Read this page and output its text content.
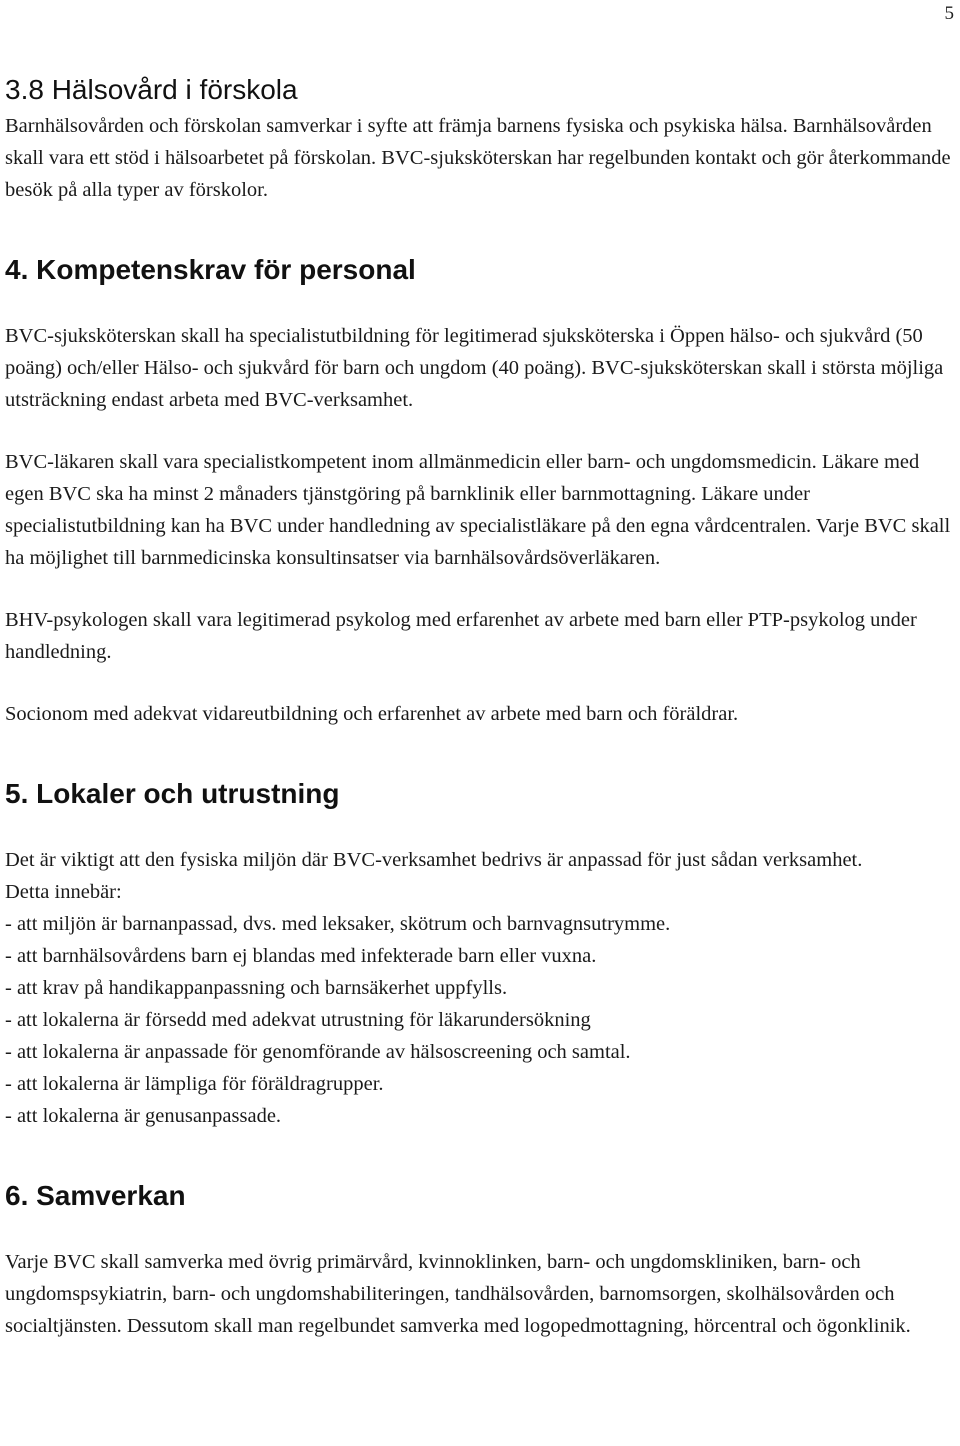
5
3.8 Hälsovård i förskola

Barnhälsovården och förskolan samverkar i syfte att främja barnens fysiska och psykiska hälsa. Barnhälsovården skall vara ett stöd i hälsoarbetet på förskolan. BVC-sjuksköterskan har regelbunden kontakt och gör återkommande besök på alla typer av förskolor.

4. Kompetenskrav för personal

BVC-sjuksköterskan skall ha specialistutbildning för legitimerad sjuksköterska i Öppen hälso- och sjukvård (50 poäng) och/eller Hälso- och sjukvård för barn och ungdom (40 poäng). BVC-sjuksköterskan skall i största möjliga utsträckning endast arbeta med BVC-verksamhet.

BVC-läkaren skall vara specialistkompetent inom allmänmedicin eller barn- och ungdomsmedicin. Läkare med egen BVC ska ha minst 2 månaders tjänstgöring på barnklinik eller barnmottagning. Läkare under specialistutbildning kan ha BVC under handledning av specialistläkare på den egna vårdcentralen. Varje BVC skall ha möjlighet till barnmedicinska konsultinsatser via barnhälsovårdsöverläkaren.

BHV-psykologen skall vara legitimerad psykolog med erfarenhet av arbete med barn eller PTP-psykolog under handledning.

Socionom med adekvat vidareutbildning och erfarenhet av arbete med barn och föräldrar.

5. Lokaler och utrustning

Det är viktigt att den fysiska miljön där BVC-verksamhet bedrivs är anpassad för just sådan verksamhet.

Detta innebär:

- att miljön är barnanpassad, dvs. med leksaker, skötrum och barnvagnsutrymme.
- att barnhälsovårdens barn ej blandas med infekterade barn eller vuxna.
- att krav på handikappanpassning och barnsäkerhet uppfylls.
- att lokalerna är försedd med adekvat utrustning för läkarundersökning
- att lokalerna är anpassade för genomförande av hälsoscreening och samtal.
- att lokalerna är lämpliga för föräldragrupper.
- att lokalerna är genusanpassade.
6. Samverkan

Varje BVC skall samverka med övrig primärvård, kvinnoklinken, barn- och ungdomskliniken, barn- och ungdomspsykiatrin, barn- och ungdomshabiliteringen, tandhälsovården, barnomsorgen, skolhälsovården och socialtjänsten. Dessutom skall man regelbundet samverka med logopedmottagning, hörcentral och ögonklinik.
